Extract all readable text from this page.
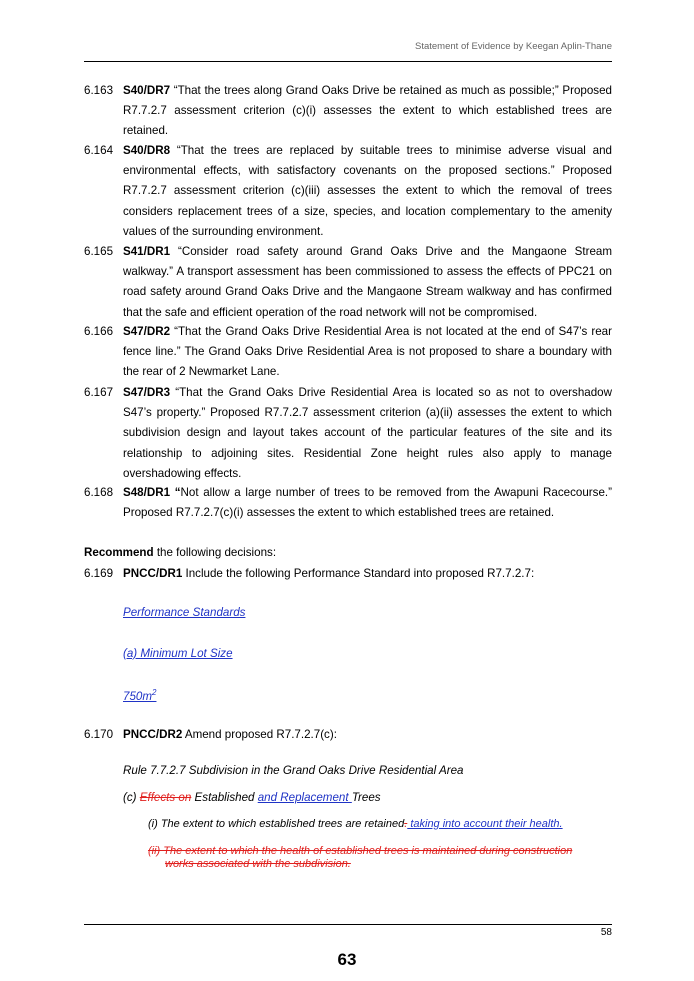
Statement of Evidence by Keegan Aplin-Thane
6.163 S40/DR7 “That the trees along Grand Oaks Drive be retained as much as possible;” Proposed R7.7.2.7 assessment criterion (c)(i) assesses the extent to which established trees are retained.
6.164 S40/DR8 “That the trees are replaced by suitable trees to minimise adverse visual and environmental effects, with satisfactory covenants on the proposed sections.” Proposed R7.7.2.7 assessment criterion (c)(iii) assesses the extent to which the removal of trees considers replacement trees of a size, species, and location complementary to the amenity values of the surrounding environment.
6.165 S41/DR1 “Consider road safety around Grand Oaks Drive and the Mangaone Stream walkway.” A transport assessment has been commissioned to assess the effects of PPC21 on road safety around Grand Oaks Drive and the Mangaone Stream walkway and has confirmed that the safe and efficient operation of the road network will not be compromised.
6.166 S47/DR2 “That the Grand Oaks Drive Residential Area is not located at the end of S47’s rear fence line.” The Grand Oaks Drive Residential Area is not proposed to share a boundary with the rear of 2 Newmarket Lane.
6.167 S47/DR3 “That the Grand Oaks Drive Residential Area is located so as not to overshadow S47’s property.” Proposed R7.7.2.7 assessment criterion (a)(ii) assesses the extent to which subdivision design and layout takes account of the particular features of the site and its relationship to adjoining sites. Residential Zone height rules also apply to manage overshadowing effects.
6.168 S48/DR1 “Not allow a large number of trees to be removed from the Awapuni Racecourse.” Proposed R7.7.2.7(c)(i) assesses the extent to which established trees are retained.
Recommend the following decisions:
6.169 PNCC/DR1 Include the following Performance Standard into proposed R7.7.2.7:
Performance Standards
(a) Minimum Lot Size
$750m^2$
6.170 PNCC/DR2 Amend proposed R7.7.2.7(c):
Rule 7.7.2.7 Subdivision in the Grand Oaks Drive Residential Area
(c) Effects on Established and Replacement Trees
(i) The extent to which established trees are retained. taking into account their health.
(ii) The extent to which the health of established trees is maintained during construction
works associated with the subdivision.
58
63
